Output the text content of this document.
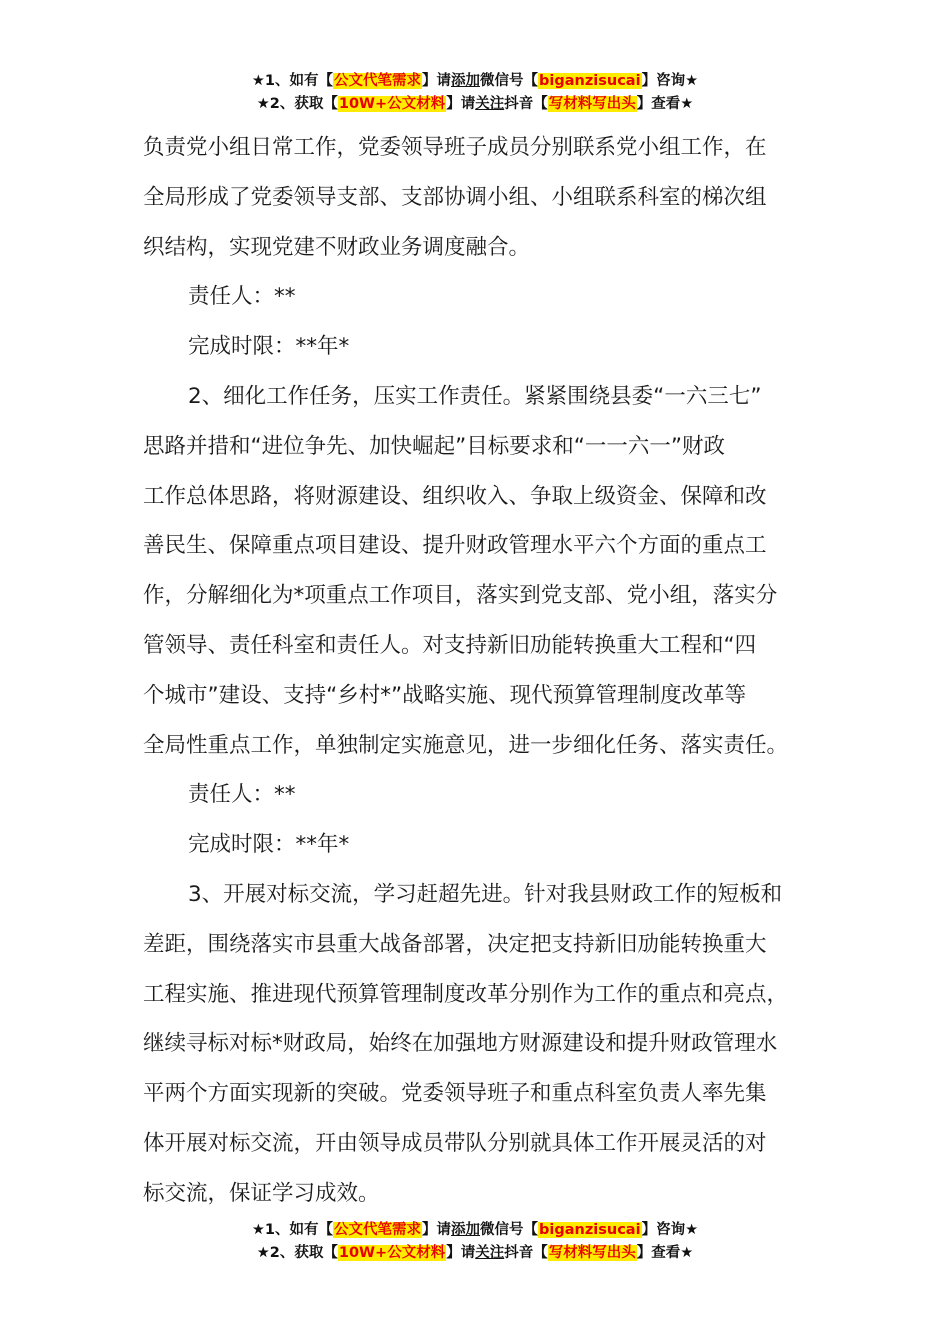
★1、如有【公文代笔需求】请添加微信号【biganzisucai】咨询★
★2、获取【10W+公文材料】请关注抖音【写材料写出头】查看★

负责党小组日常工作，党委领导班子成员分别联系党小组工作，在

全局形成了党委领导支部、支部协调小组、小组联系科室的梯次组

织结构，实现党建不财政业务调度融合。

责任人：**

完成时限：**年*

2、细化工作任务，压实工作责任。紧紧围绕县委“一六三七”

思路并措和“进位争先、加快崛起”目标要求和“一一六一”财政

工作总体思路，将财源建设、组织收入、争取上级资金、保障和改

善民生、保障重点项目建设、提升财政管理水平六个方面的重点工

作，分解细化为*项重点工作项目，落实到党支部、党小组，落实分

管领导、责任科室和责任人。对支持新旧劢能转换重大工程和“四

个城市”建设、支持“乡村*”战略实施、现代预算管理制度改革等

全局性重点工作，单独制定实施意见，进一步细化任务、落实责任。

责任人：**

完成时限：**年*

3、开展对标交流，学习赶超先进。针对我县财政工作的短板和

差距，围绕落实市县重大战备部署，决定把支持新旧劢能转换重大

工程实施、推进现代预算管理制度改革分别作为工作的重点和亮点，

继续寻标对标*财政局，始终在加强地方财源建设和提升财政管理水

平两个方面实现新的突破。党委领导班子和重点科室负责人率先集

体开展对标交流，幵由领导成员带队分别就具体工作开展灵活的对

标交流，保证学习成效。

★1、如有【公文代笔需求】请添加微信号【biganzisucai】咨询★
★2、获取【10W+公文材料】请关注抖音【写材料写出头】查看★
